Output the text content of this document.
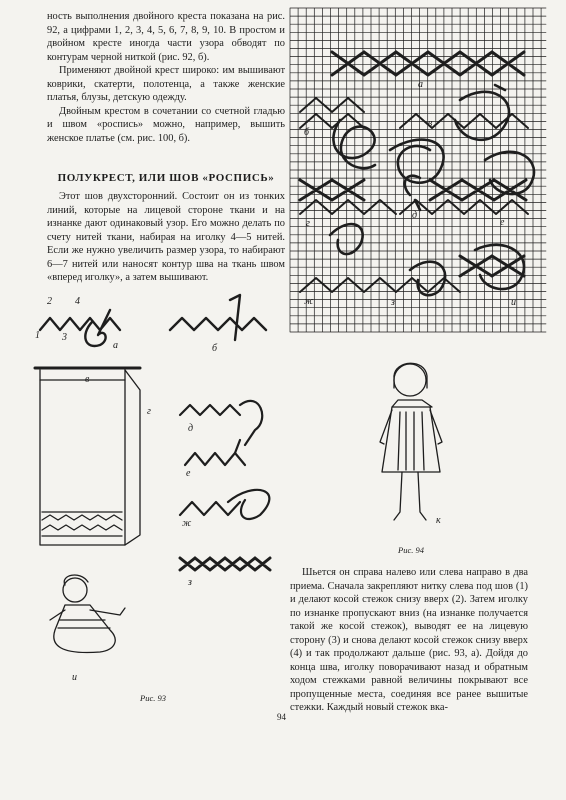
ность выполнения двойного креста показана на рис. 92, а цифрами 1, 2, 3, 4, 5, 6, 7, 8, 9, 10. В простом и двойном кресте иногда части узора обводят по контурам черной ниткой (рис. 92, б).

Применяют двойной крест широко: им вышивают коврики, скатерти, полотенца, а также женские платья, блузы, детскую одежду.

Двойным крестом в сочетании со счетной гладью и швом «роспись» можно, например, вышить женское платье (см. рис. 100, б).

ПОЛУКРЕСТ, ИЛИ ШОВ «РОСПИСЬ»

Этот шов двухсторонний. Состоит он из тонких линий, которые на лицевой стороне ткани и на изнанке дают одинаковый узор. Его можно делать по счету нитей ткани, набирая на иголку 4—5 нитей. Если же нужно увеличить размер узора, то набирают 6—7 нитей или наносят контур шва на ткань швом «вперед иголку», а затем вышивают.

а
б
в
г
д
е
ж	з	и
1
2
3
4
а	б
в
г
д
е
ж
з
и
Рис. 93
к
Рис. 94

Шьется он справа налево или слева направо в два приема. Сначала закрепляют нитку слева под шов (1) и делают косой стежок снизу вверх (2). Затем иголку по изнанке пропускают вниз (на изнанке получается такой же косой стежок), выводят ее на лицевую сторону (3) и снова делают косой стежок снизу вверх (4) и так продолжают дальше (рис. 93, а). Дойдя до конца шва, иголку поворачивают назад и обратным ходом стежками равной величины покрывают все пропущенные места, соединяя все ранее вышитые стежки. Каждый новый стежок вка-

94
